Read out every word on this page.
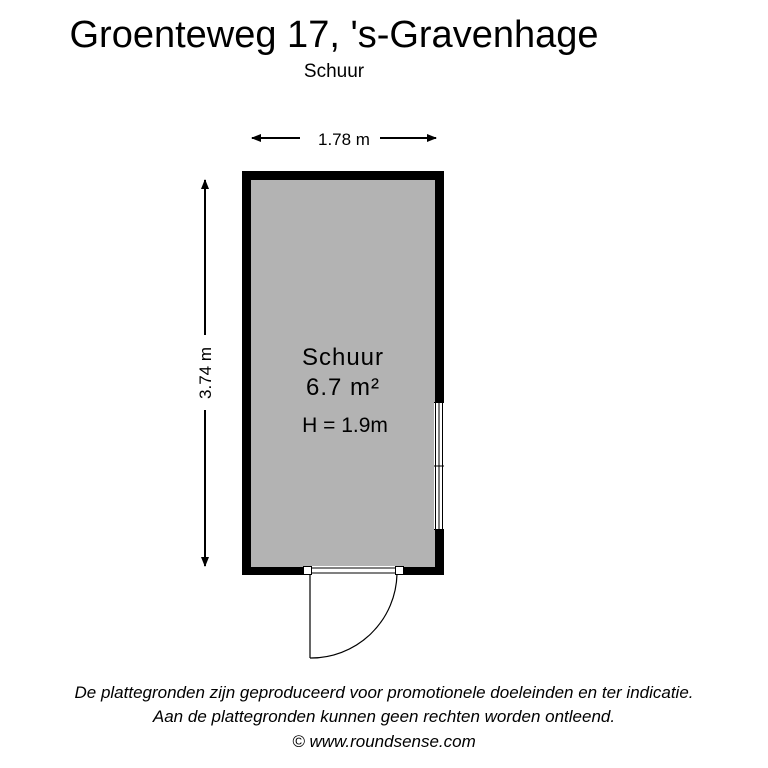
Groenteweg 17, 's-Gravenhage
Schuur
1.78 m
3.74 m	Schuur
6.7 m²
H = 1.9m
De plattegronden zijn geproduceerd voor promotionele doeleinden en ter indicatie.
Aan de plattegronden kunnen geen rechten worden ontleend.
© www.roundsense.com
